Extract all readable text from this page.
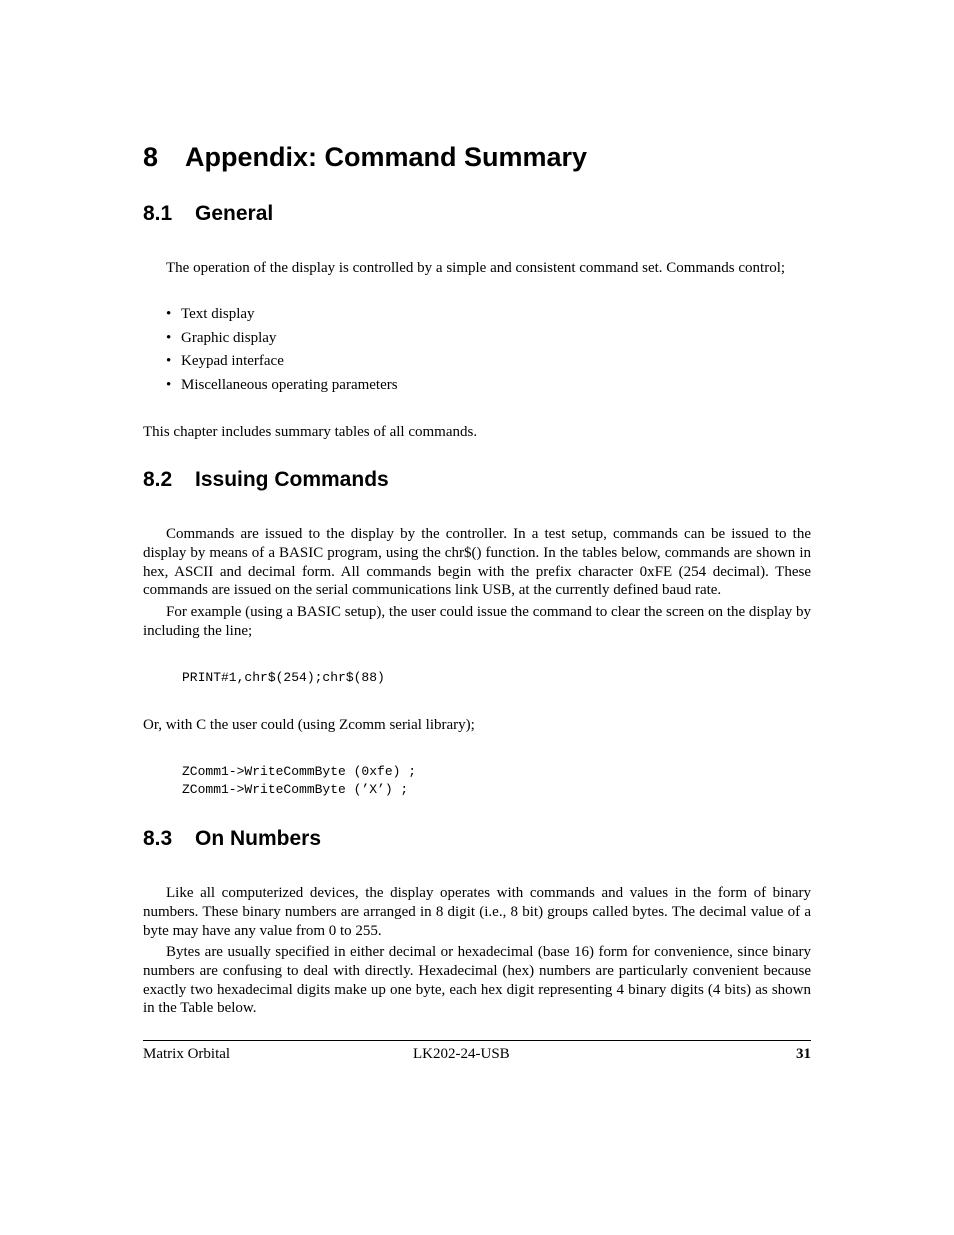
8 Appendix: Command Summary
8.1 General

The operation of the display is controlled by a simple and consistent command set. Commands control;

• Text display
• Graphic display
• Keypad interface
• Miscellaneous operating parameters

This chapter includes summary tables of all commands.

8.2 Issuing Commands

Commands are issued to the display by the controller. In a test setup, commands can be issued to the display by means of a BASIC program, using the chr$() function. In the tables below, commands are shown in hex, ASCII and decimal form. All commands begin with the prefix character 0xFE (254 decimal). These commands are issued on the serial communications link USB, at the currently defined baud rate.

For example (using a BASIC setup), the user could issue the command to clear the screen on the display by including the line;

PRINT#1,chr$(254);chr$(88)

Or, with C the user could (using Zcomm serial library);

ZComm1->WriteCommByte (0xfe) ;
ZComm1->WriteCommByte (’X’) ;
8.3 On Numbers

Like all computerized devices, the display operates with commands and values in the form of binary numbers. These binary numbers are arranged in 8 digit (i.e., 8 bit) groups called bytes. The decimal value of a byte may have any value from 0 to 255.

Bytes are usually specified in either decimal or hexadecimal (base 16) form for convenience, since binary numbers are confusing to deal with directly. Hexadecimal (hex) numbers are particularly convenient because exactly two hexadecimal digits make up one byte, each hex digit representing 4 binary digits (4 bits) as shown in the Table below.

Matrix Orbital	LK202-24-USB	31
